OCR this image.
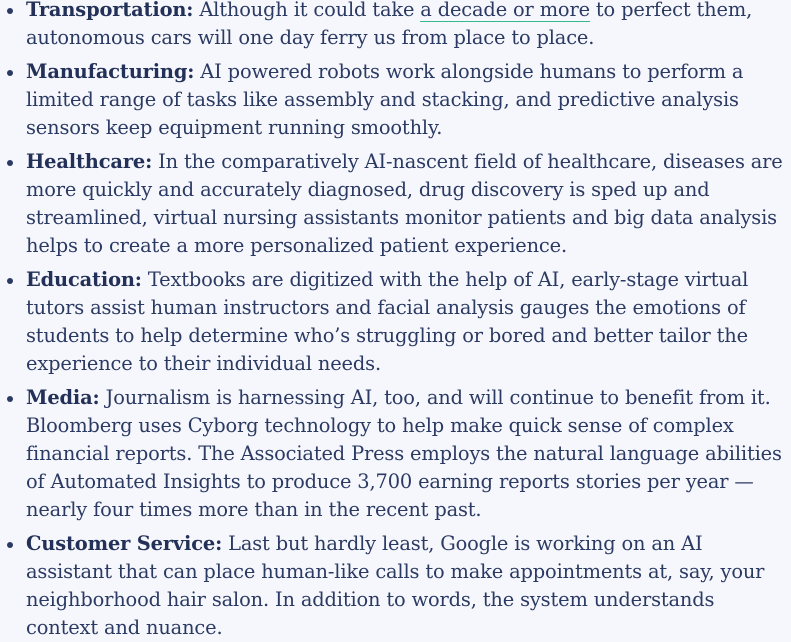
Transportation: Although it could take a decade or more to perfect them, autonomous cars will one day ferry us from place to place.
Manufacturing: AI powered robots work alongside humans to perform a limited range of tasks like assembly and stacking, and predictive analysis sensors keep equipment running smoothly.
Healthcare: In the comparatively AI-nascent field of healthcare, diseases are more quickly and accurately diagnosed, drug discovery is sped up and streamlined, virtual nursing assistants monitor patients and big data analysis helps to create a more personalized patient experience.
Education: Textbooks are digitized with the help of AI, early-stage virtual tutors assist human instructors and facial analysis gauges the emotions of students to help determine who’s struggling or bored and better tailor the experience to their individual needs.
Media: Journalism is harnessing AI, too, and will continue to benefit from it. Bloomberg uses Cyborg technology to help make quick sense of complex financial reports. The Associated Press employs the natural language abilities of Automated Insights to produce 3,700 earning reports stories per year — nearly four times more than in the recent past.
Customer Service: Last but hardly least, Google is working on an AI assistant that can place human-like calls to make appointments at, say, your neighborhood hair salon. In addition to words, the system understands context and nuance.
